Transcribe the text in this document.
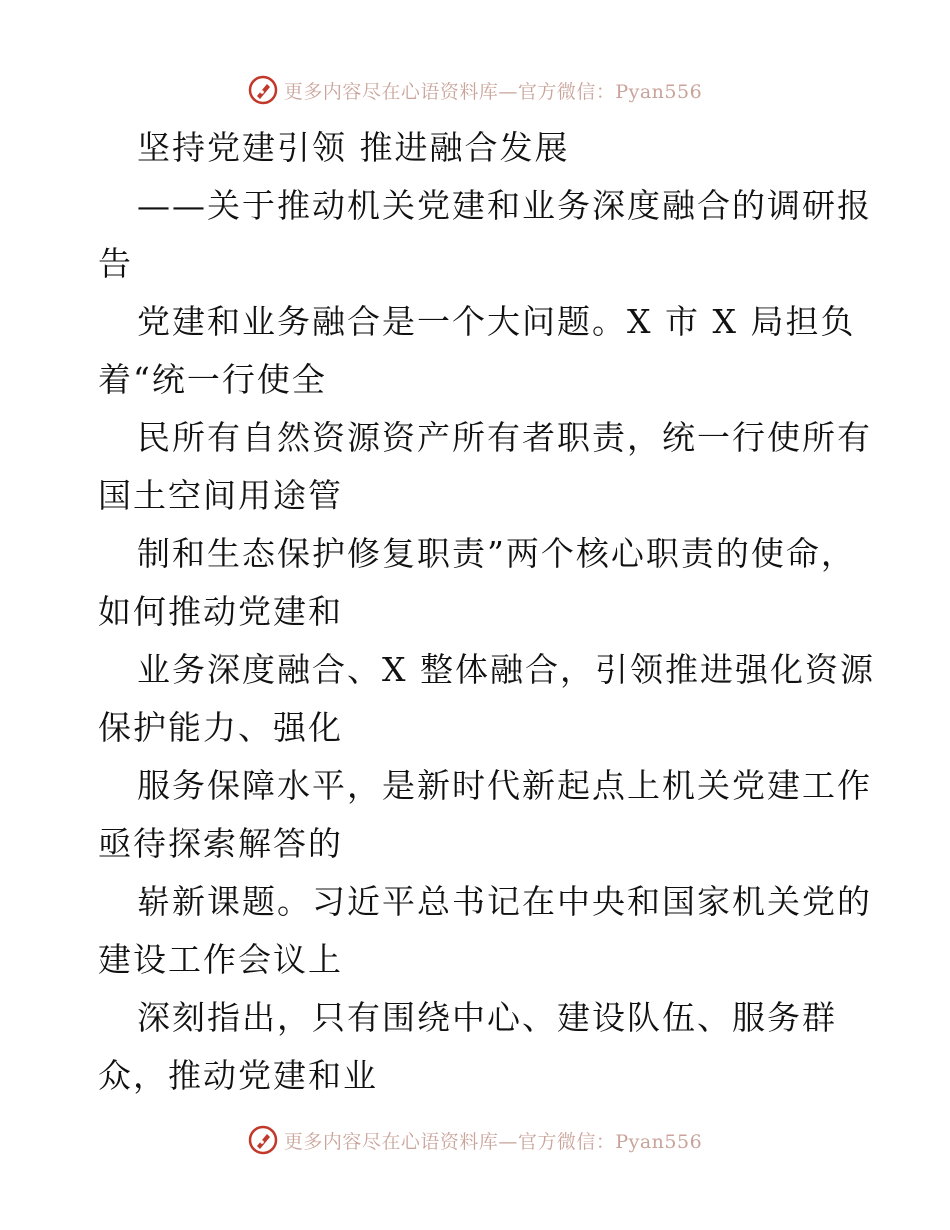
更多内容尽在心语资料库—官方微信：Pyan556
坚持党建引领 推进融合发展
——关于推动机关党建和业务深度融合的调研报
告
党建和业务融合是一个大问题。X 市 X 局担负
着“统一行使全
民所有自然资源资产所有者职责，统一行使所有
国土空间用途管
制和生态保护修复职责”两个核心职责的使命，
如何推动党建和
业务深度融合、X 整体融合，引领推进强化资源
保护能力、强化
服务保障水平，是新时代新起点上机关党建工作
亟待探索解答的
崭新课题。习近平总书记在中央和国家机关党的
建设工作会议上
深刻指出，只有围绕中心、建设队伍、服务群
众，推动党建和业
更多内容尽在心语资料库—官方微信：Pyan556
